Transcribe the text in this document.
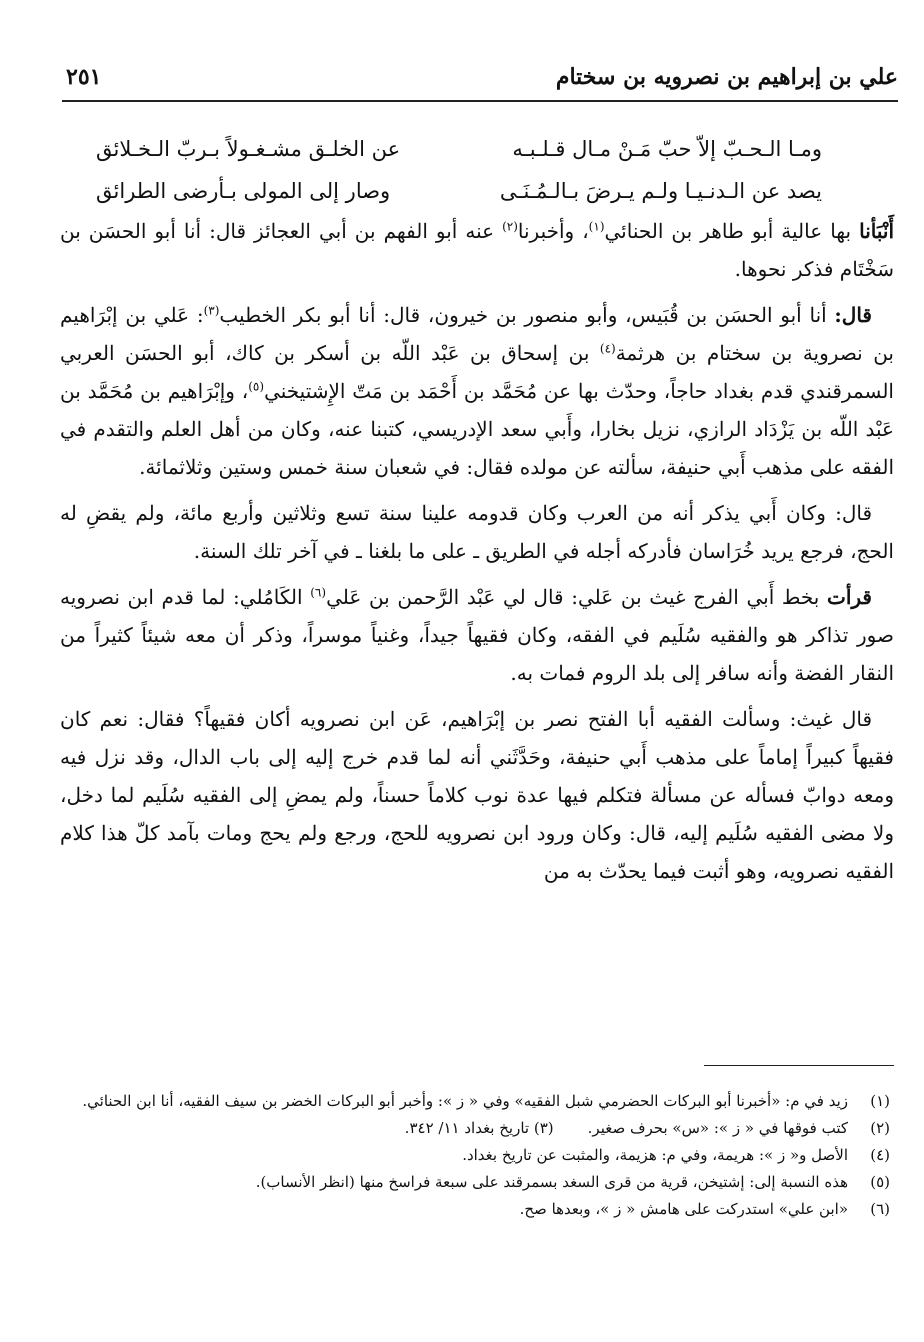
علي بن إبراهيم بن نصرويه بن سختام
٢٥١
ومـا الـحـبّ إلاّ حبّ مَـنْ مـال قـلـبـه
عن الخلـق مشـغـولاً بـربّ الـخـلائق
يصد عن الـدنـيـا ولـم يـرضَ بـالـمُـنَـى
وصار إلى المولى بـأرضى الطرائق

أَنْبَأنا بها عالية أبو طاهر بن الحنائي$^{(١)}$، وأخبرنا$^{(٢)}$ عنه أبو الفهم بن أبي العجائز قال: أنا أبو الحسَن بن سَخْتَام فذكر نحوها.

قال: أنا أبو الحسَن بن قُبَيس، وأبو منصور بن خيرون، قال: أنا أبو بكر الخطيب$^{(٣)}$: عَلي بن إبْرَاهيم بن نصروية بن سختام بن هرثمة$^{(٤)}$ بن إسحاق بن عَبْد اللّه بن أسكر بن كاك، أبو الحسَن العربي السمرقندي قدم بغداد حاجاً، وحدّث بها عن مُحَمَّد بن أَحْمَد بن مَتّ الإِشتيخني$^{(٥)}$، وإبْرَاهيم بن مُحَمَّد بن عَبْد اللّه بن يَزْدَاد الرازي، نزيل بخارا، وأَبي سعد الإدريسي، كتبنا عنه، وكان من أهل العلم والتقدم في الفقه على مذهب أَبي حنيفة، سألته عن مولده فقال: في شعبان سنة خمس وستين وثلاثمائة.

قال: وكان أَبي يذكر أنه من العرب وكان قدومه علينا سنة تسع وثلاثين وأربع مائة، ولم يقضِ له الحج، فرجع يريد خُرَاسان فأدركه أجله في الطريق ـ على ما بلغنا ـ في آخر تلك السنة.

قرأت بخط أَبي الفرج غيث بن عَلي: قال لي عَبْد الرَّحمن بن عَلي$^{(٦)}$ الكَامُلي: لما قدم ابن نصرويه صور تذاكر هو والفقيه سُلَيم في الفقه، وكان فقيهاً جيداً، وغنياً موسراً، وذكر أن معه شيئاً كثيراً من النقار الفضة وأنه سافر إلى بلد الروم فمات به.

قال غيث: وسألت الفقيه أبا الفتح نصر بن إبْرَاهيم، عَن ابن نصرويه أكان فقيهاً؟ فقال: نعم كان فقيهاً كبيراً إماماً على مذهب أَبي حنيفة، وحَدَّثَني أنه لما قدم خرج إليه إلى باب الدال، وقد نزل فيه ومعه دوابّ فسأله عن مسألة فتكلم فيها عدة نوب كلاماً حسناً، ولم يمضِ إلى الفقيه سُلَيم لما دخل، ولا مضى الفقيه سُلَيم إليه، قال: وكان ورود ابن نصرويه للحج، ورجع ولم يحج ومات بآمد كلّ هذا كلام الفقيه نصرويه، وهو أثبت فيما يحدّث به من

(١)
زيد في م: «أخبرنا أبو البركات الحضرمي شبل الفقيه» وفي « ز »: وأخبر أبو البركات الخضر بن سيف الفقيه، أنا ابن الحنائي.
(٢)
كتب فوقها في « ز »: «س» بحرف صغير.(٣) تاريخ بغداد ١١/ ٣٤٢.
(٤)
الأصل و« ز »: هريمة، وفي م: هزيمة، والمثبت عن تاريخ بغداد.
(٥)
هذه النسبة إلى: إشتيخن، قرية من قرى السغد بسمرقند على سبعة فراسخ منها (انظر الأنساب).
(٦)
«ابن علي» استدركت على هامش « ز »، وبعدها صح.
